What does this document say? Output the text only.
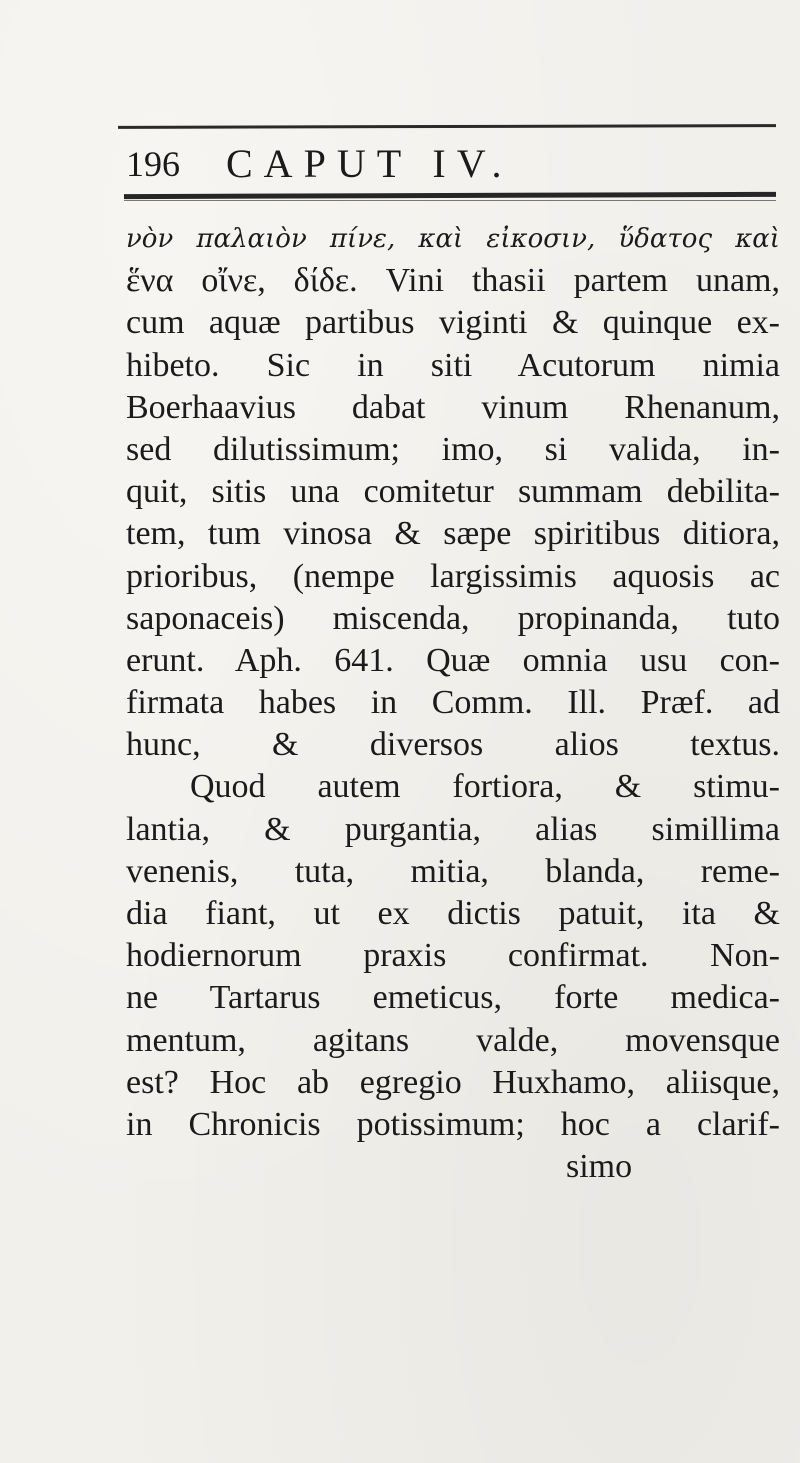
196 CAPUT IV.
νὸν παλαιὸν πίνε, καὶ εἰκοσιν, ὕδατος καὶ
ἕνα οἴνε, δίδε. Vini thasii partem unam,
cum aquæ partibus viginti & quinque ex-
hibeto. Sic in siti Acutorum nimia
Boerhaavius dabat vinum Rhenanum,
sed dilutissimum; imo, si valida, in-
quit, sitis una comitetur summam debilita-
tem, tum vinosa & sæpe spiritibus ditiora,
prioribus, (nempe largissimis aquosis ac
saponaceis) miscenda, propinanda, tuto
erunt. Aph. 641. Quæ omnia usu con-
firmata habes in Comm. Ill. Præf. ad
hunc, & diversos alios textus.
Quod autem fortiora, & stimu-
lantia, & purgantia, alias simillima
venenis, tuta, mitia, blanda, reme-
dia fiant, ut ex dictis patuit, ita &
hodiernorum praxis confirmat. Non-
ne Tartarus emeticus, forte medica-
mentum, agitans valde, movensque
est? Hoc ab egregio Huxhamo, aliisque,
in Chronicis potissimum; hoc a clarif-
simo
